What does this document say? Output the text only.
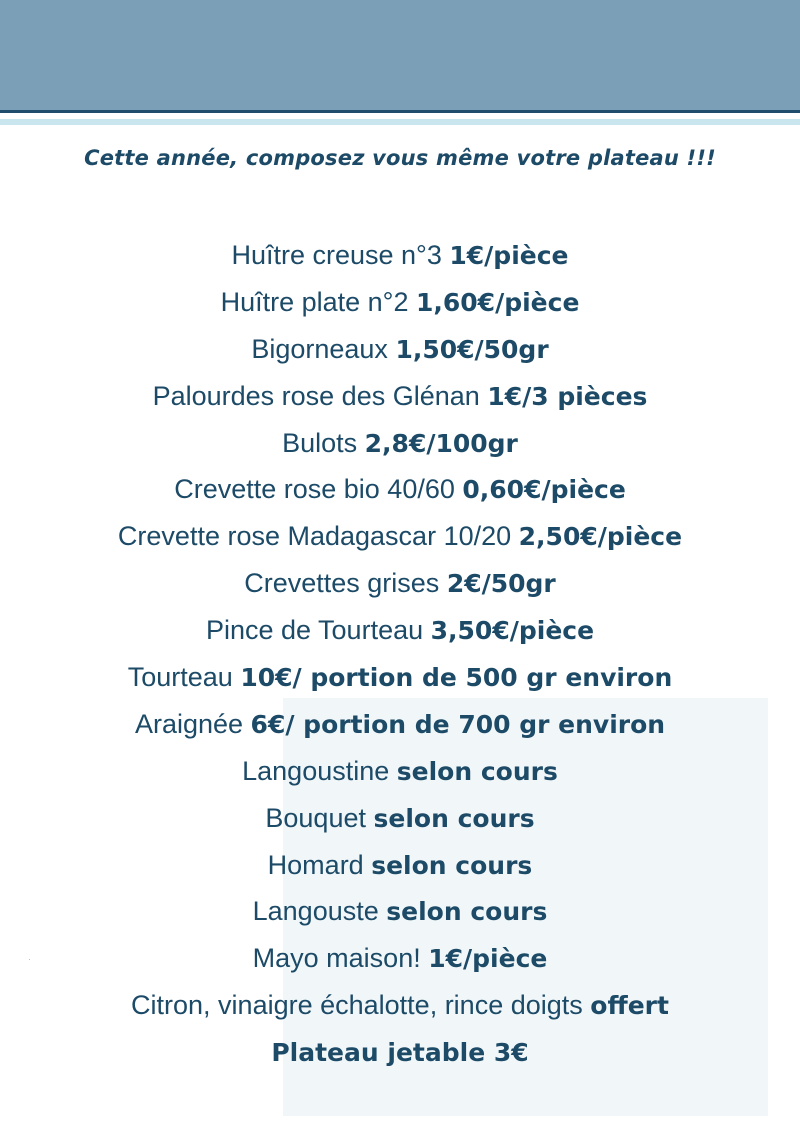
·
Cette année, composez vous même votre plateau !!!
Huître creuse n°3 1€/pièce
Huître plate n°2 1,60€/pièce
Bigorneaux 1,50€/50gr
Palourdes rose des Glénan 1€/3 pièces
Bulots 2,8€/100gr
Crevette rose bio 40/60 0,60€/pièce
Crevette rose Madagascar 10/20 2,50€/pièce
Crevettes grises 2€/50gr
Pince de Tourteau 3,50€/pièce
Tourteau 10€/ portion de 500 gr environ
Araignée 6€/ portion de 700 gr environ
Langoustine selon cours
Bouquet selon cours
Homard selon cours
Langouste selon cours
Mayo maison! 1€/pièce
Citron, vinaigre échalotte, rince doigts offert
Plateau jetable 3€
